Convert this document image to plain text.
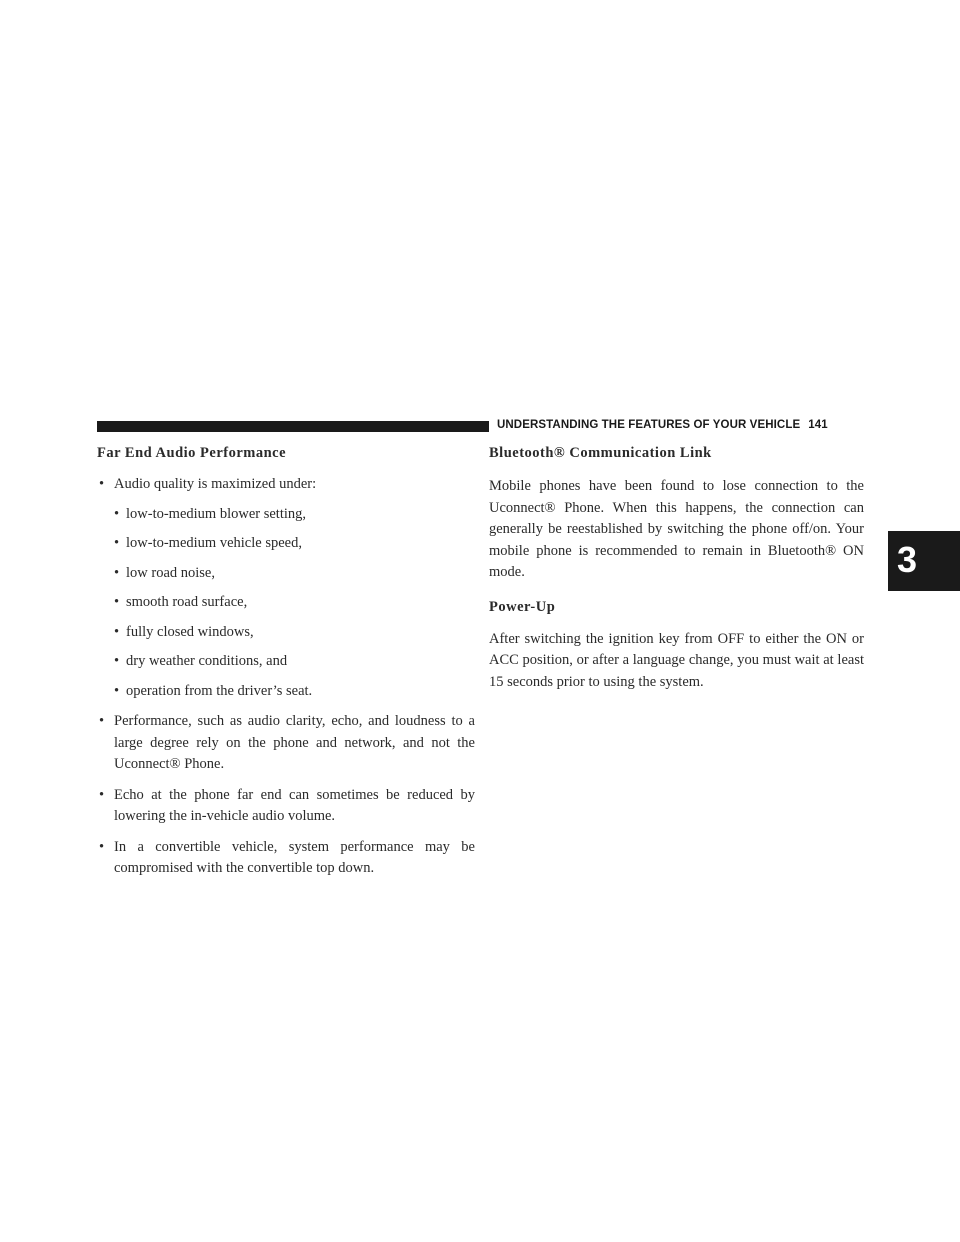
UNDERSTANDING THE FEATURES OF YOUR VEHICLE 141
3
Far End Audio Performance
• Audio quality is maximized under:
• low-to-medium blower setting,
• low-to-medium vehicle speed,
• low road noise,
• smooth road surface,
• fully closed windows,
• dry weather conditions, and
• operation from the driver’s seat.
• Performance, such as audio clarity, echo, and loudness to a large degree rely on the phone and network, and not the Uconnect® Phone.
• Echo at the phone far end can sometimes be reduced by lowering the in-vehicle audio volume.
• In a convertible vehicle, system performance may be compromised with the convertible top down.
Bluetooth® Communication Link

Mobile phones have been found to lose connection to the Uconnect® Phone. When this happens, the connection can generally be reestablished by switching the phone off/on. Your mobile phone is recommended to remain in Bluetooth® ON mode.

Power-Up

After switching the ignition key from OFF to either the ON or ACC position, or after a language change, you must wait at least 15 seconds prior to using the system.
